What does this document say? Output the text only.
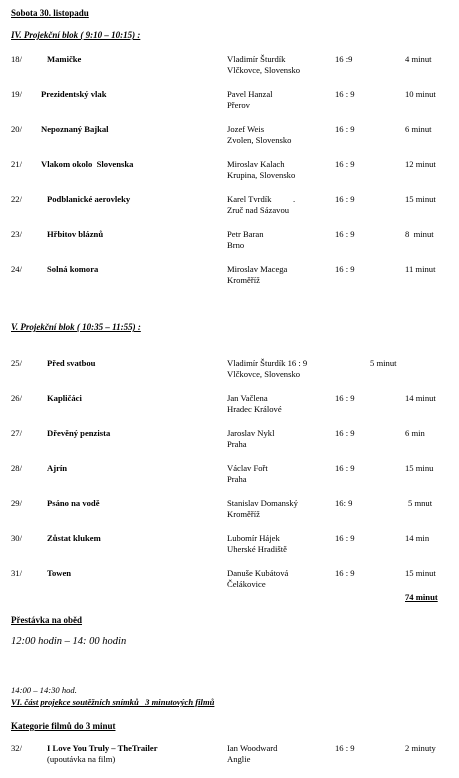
Sobota 30. listopadu
IV. Projekční blok ( 9:10 – 10:15) :
18/	Mamičke	Vladimír Šturdík
Vlčkovce, Slovensko
16 :9	4 minut
19/ Prezidentský vlak	Pavel Hanzal
Přerov
16 : 9	10 minut
20/ Nepoznaný Bajkal	Jozef Weis
Zvolen, Slovensko
16 : 9	6 minut
21/ Vlakom okolo  Slovenska	Miroslav Kalach
Krupina, Slovensko
16 : 9	12 minut
22/	Podblanické aerovleky	Karel Tvrdík          .
Zruč nad Sázavou
16 : 9	15 minut
23/	Hřbitov bláznů	Petr Baran
Brno
16 : 9	8  minut
24/	Solná komora	Miroslav Macega
Kroměříž
16 : 9	11 minut
V. Projekční blok ( 10:35 – 11:55) :
25/	Před svatbou	Vladimír Šturdík 16 : 9
Vlčkovce, Slovensko
5 minut
26/	Kapličáci	Jan Vačlena
Hradec Králové
16 : 9	14 minut
27/	Dřevěný penzista	Jaroslav Nykl
Praha
16 : 9	6 min
28/	Ajrín	Václav Fořt
Praha
16 : 9	15 minu
29/	Psáno na vodě	Stanislav Domanský
Kroměříž
16: 9	5 mnut
30/	Zůstat klukem	Lubomír Hájek
Uherské Hradiště
16 : 9	14 min
31/	Towen	Danuše Kubátová
Čelákovice
16 : 9	15 minut
74 minut
Přestávka na oběd
12:00 hodin – 14: 00 hodin
14:00 – 14:30 hod.
VI. část projekce soutěžních snímků   3 minutových filmů
Kategorie filmů do 3 minut
32/	I Love You Truly – TheTrailer
(upoutávka na film)
Ian Woodward
Anglie
16 : 9	2 minuty
